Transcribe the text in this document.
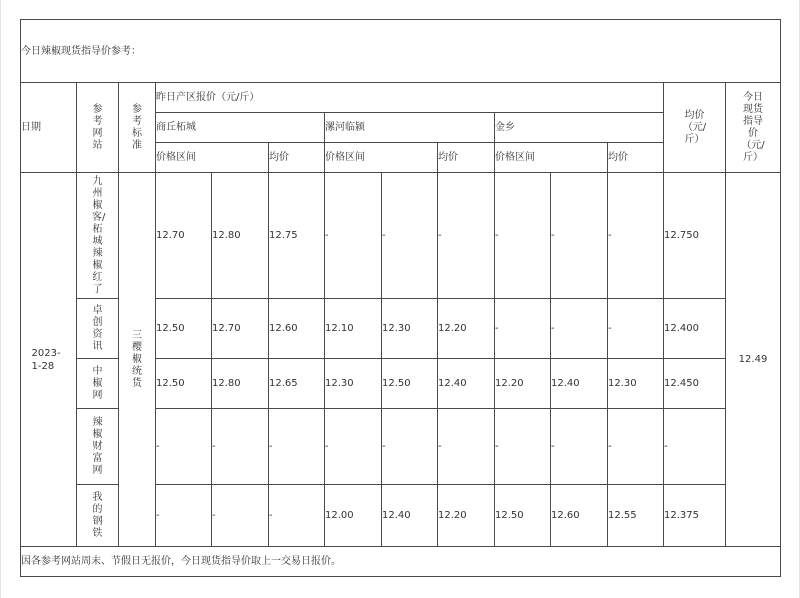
今日辣椒现货指导价参考：													
日期	参考网站	参考标准	昨日产区报价（元/斤）									均价（元/斤）	今日现货指导价（元/斤）

			商丘柘城			漯河临颍			金乡				
			价格区间		均价	价格区间		均价	价格区间		均价		
2023-1-28	九州椒客/柘城辣椒红了	三樱椒统货	12.70	12.80	12.75	-	-	-	-	-	-	12.750	12.49

	卓创资讯		12.50	12.70	12.60	12.10	12.30	12.20	-	-	-	12.400	

	中椒网		12.50	12.80	12.65	12.30	12.50	12.40	12.20	12.40	12.30	12.450	

	辣椒财富网		-	-	-	-	-	-	-	-	-	-	

	我的钢铁		-	-	-	12.00	12.40	12.20	12.50	12.60	12.55	12.375	
因各参考网站周末、节假日无报价，今日现货指导价取上一交易日报价。													
